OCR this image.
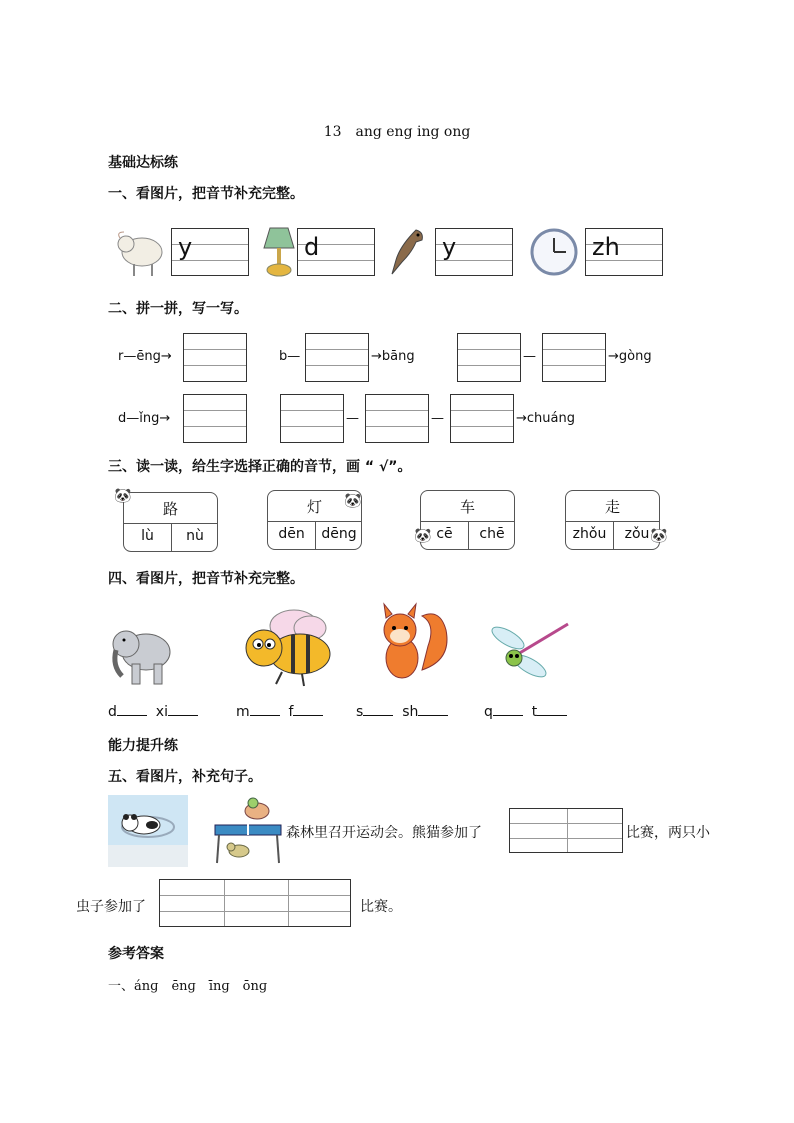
13　ang eng ing ong
基础达标练
一、看图片，把音节补充完整。
y	d	y	zh
二、拼一拼，写一写。
r—ēng→	b—	→bāng	—	→gòng
d—ǐng→	—	—	→chuáng
三、读一读，给生字选择正确的音节，画 “ √”。
路
lù	nù
🐼
灯
dēn	dēng
🐼	车
cē	chē
🐼
走
zhǒu	zǒu 🐼
四、看图片，把音节补充完整。
d	xi	m	f	s	sh	q	t
能力提升练
五、看图片，补充句子。
森林里召开运动会。熊猫参加了	比赛，两只小
虫子参加了	比赛。
参考答案
一、ánɡ　ēnɡ　īnɡ　ōnɡ
